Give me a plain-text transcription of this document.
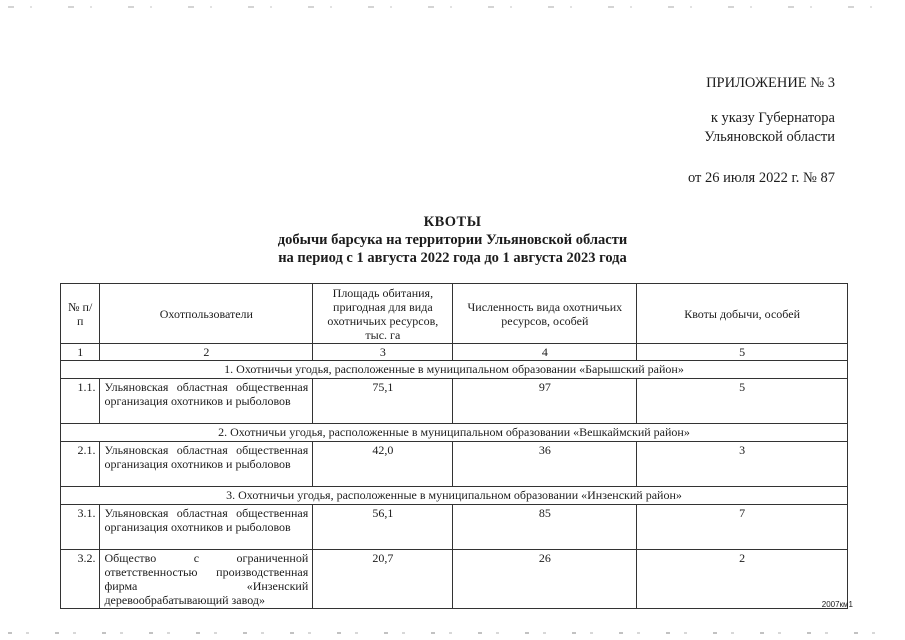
ПРИЛОЖЕНИЕ № 3
к указу Губернатора
Ульяновской области
от 26 июля 2022 г. № 87
КВОТЫ
добычи барсука на территории Ульяновской области
на период с 1 августа 2022 года до 1 августа 2023 года
№ п/п	Охотпользователи	Площадь обитания, пригодная для вида охотничьих ресурсов, тыс. га	Численность вида охотничьих ресурсов, особей	Квоты добычи, особей
1	2	3	4	5
1. Охотничьи угодья, расположенные в муниципальном образовании «Барышский район»				
1.1.	Ульяновская областная общественная организация охотников и рыболовов	75,1	97	5
2. Охотничьи угодья, расположенные в муниципальном образовании «Вешкаймский район»				
2.1.	Ульяновская областная общественная организация охотников и рыболовов	42,0	36	3
3. Охотничьи угодья, расположенные в муниципальном образовании «Инзенский район»				
3.1.	Ульяновская областная общественная организация охотников и рыболовов	56,1	85	7
3.2.	Общество с ограниченной ответственностью производственная фирма «Инзенский деревообрабатывающий завод»	20,7	26	2
2007км1
